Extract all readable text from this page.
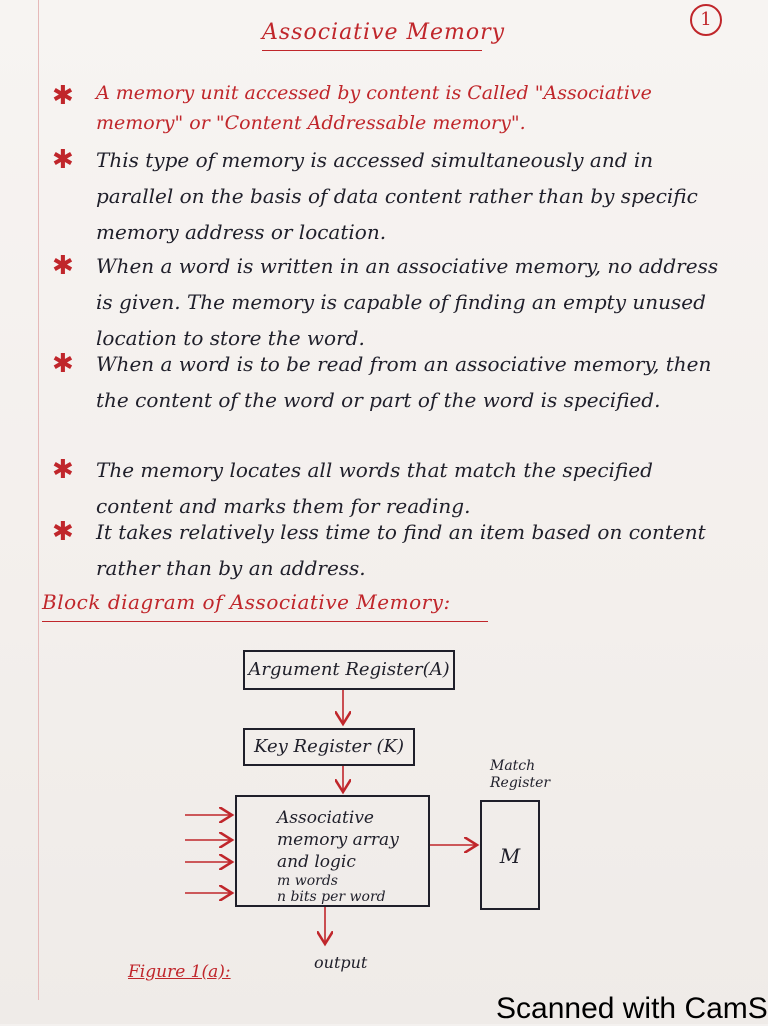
Associative Memory
1
✱	A memory unit accessed by content is Called "Associative memory" or "Content Addressable memory".
✱	This type of memory is accessed simultaneously and in parallel on the basis of data content rather than by specific memory address or location.
✱	When a word is written in an associative memory, no address is given. The memory is capable of finding an empty unused location to store the word.
✱	When a word is to be read from an associative memory, then the content of the word or part of the word is specified.
✱	The memory locates all words that match the specified content and marks them for reading.
✱	It takes relatively less time to find an item based on content rather than by an address.
Block diagram of Associative Memory:
Argument Register(A)
Key Register (K)
Associative
memory array
and logic
m words
n bits per word
Match Register
M
output
Figure 1(a):
Scanned with CamS
